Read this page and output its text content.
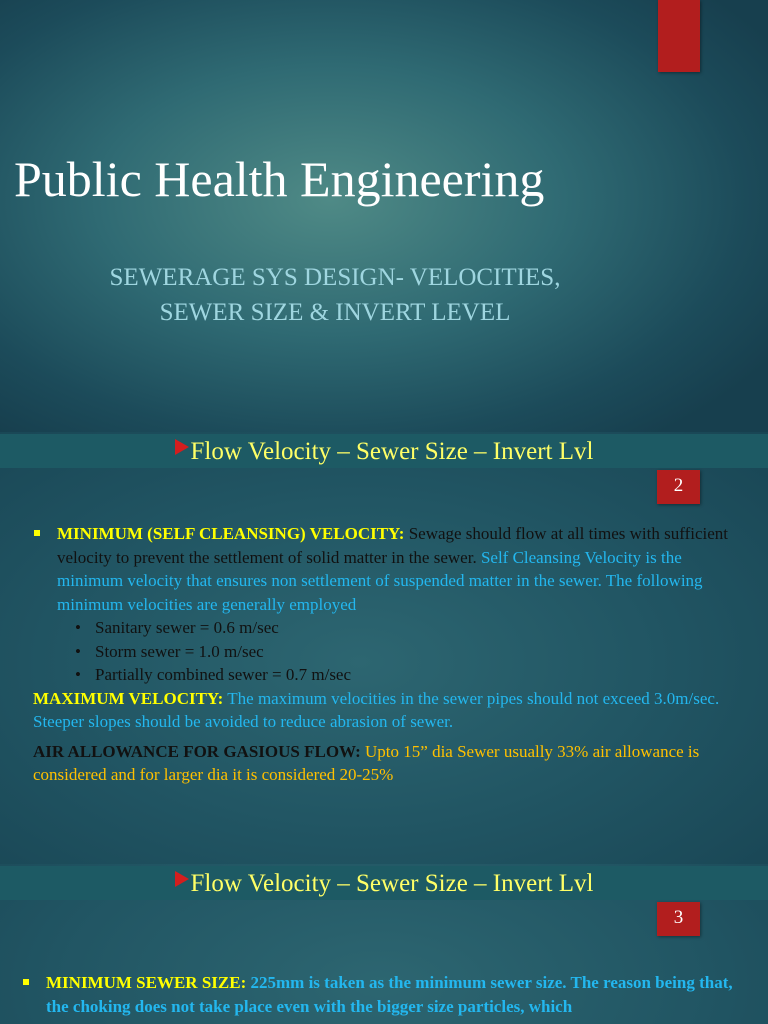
Public Health Engineering

SEWERAGE SYS DESIGN- VELOCITIES,
SEWER SIZE & INVERT LEVEL

Flow Velocity – Sewer Size – Invert Lvl
2
MINIMUM (SELF CLEANSING) VELOCITY: Sewage should flow at all times with sufficient velocity to prevent the settlement of solid matter in the sewer. Self Cleansing Velocity is the minimum velocity that ensures non settlement of suspended matter in the sewer. The following minimum velocities are generally employed
• Sanitary sewer = 0.6 m/sec
• Storm sewer = 1.0 m/sec
• Partially combined sewer = 0.7 m/sec

MAXIMUM VELOCITY: The maximum velocities in the sewer pipes should not exceed 3.0m/sec. Steeper slopes should be avoided to reduce abrasion of sewer.

AIR ALLOWANCE FOR GASIOUS FLOW: Upto 15” dia Sewer usually 33% air allowance is considered and for larger dia it is considered 20-25%

Flow Velocity – Sewer Size – Invert Lvl
3
MINIMUM SEWER SIZE: 225mm is taken as the minimum sewer size. The reason being that, the choking does not take place even with the bigger size particles, which
